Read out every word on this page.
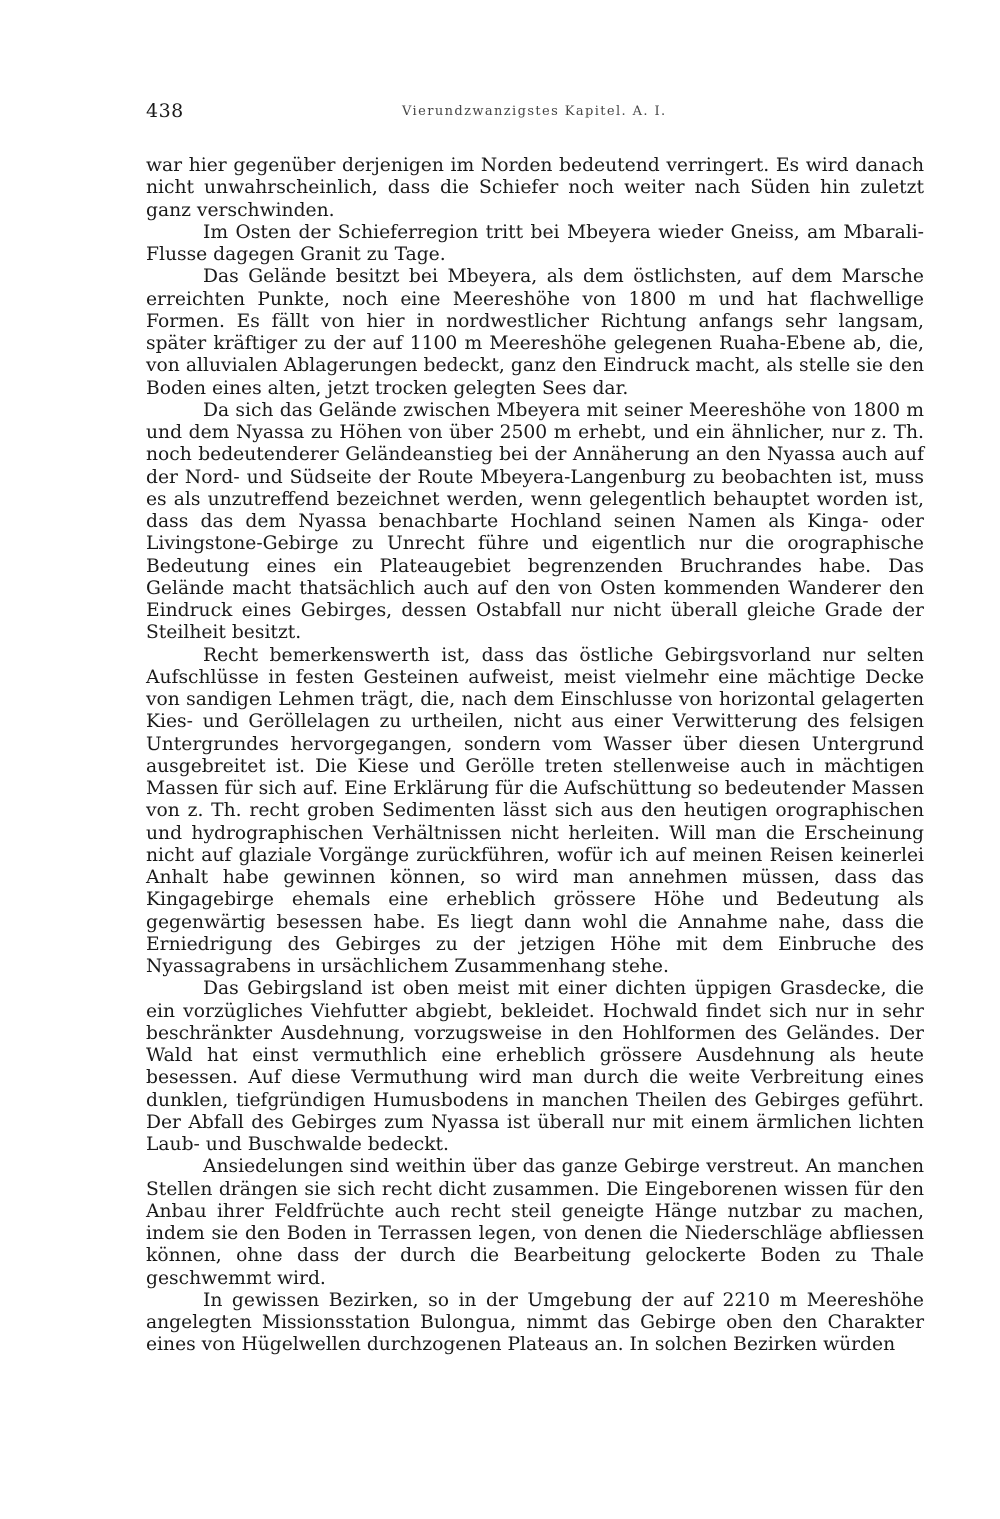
438	Vierundzwanzigstes Kapitel. A. I.

war hier gegenüber derjenigen im Norden bedeutend verringert. Es wird danach nicht unwahrscheinlich, dass die Schiefer noch weiter nach Süden hin zuletzt ganz verschwinden.

Im Osten der Schieferregion tritt bei Mbeyera wieder Gneiss, am Mbarali-Flusse dagegen Granit zu Tage.

Das Gelände besitzt bei Mbeyera, als dem östlichsten, auf dem Marsche erreichten Punkte, noch eine Meereshöhe von 1800 m und hat flachwellige Formen. Es fällt von hier in nordwestlicher Richtung anfangs sehr langsam, später kräftiger zu der auf 1100 m Meereshöhe gelegenen Ruaha-Ebene ab, die, von alluvialen Ablagerungen bedeckt, ganz den Eindruck macht, als stelle sie den Boden eines alten, jetzt trocken gelegten Sees dar.

Da sich das Gelände zwischen Mbeyera mit seiner Meereshöhe von 1800 m und dem Nyassa zu Höhen von über 2500 m erhebt, und ein ähnlicher, nur z. Th. noch bedeutenderer Geländeanstieg bei der Annäherung an den Nyassa auch auf der Nord- und Südseite der Route Mbeyera-Langenburg zu beobachten ist, muss es als unzutreffend bezeichnet werden, wenn gelegentlich behauptet worden ist, dass das dem Nyassa benachbarte Hochland seinen Namen als Kinga- oder Livingstone-Gebirge zu Unrecht führe und eigentlich nur die orographische Bedeutung eines ein Plateaugebiet begrenzenden Bruchrandes habe. Das Gelände macht thatsächlich auch auf den von Osten kommenden Wanderer den Eindruck eines Gebirges, dessen Ostabfall nur nicht überall gleiche Grade der Steilheit besitzt.

Recht bemerkenswerth ist, dass das östliche Gebirgsvorland nur selten Aufschlüsse in festen Gesteinen aufweist, meist vielmehr eine mächtige Decke von sandigen Lehmen trägt, die, nach dem Einschlusse von horizontal gelagerten Kies- und Geröllelagen zu urtheilen, nicht aus einer Verwitterung des felsigen Untergrundes hervorgegangen, sondern vom Wasser über diesen Untergrund ausgebreitet ist. Die Kiese und Gerölle treten stellenweise auch in mächtigen Massen für sich auf. Eine Erklärung für die Aufschüttung so bedeutender Massen von z. Th. recht groben Sedimenten lässt sich aus den heutigen orographischen und hydrographischen Verhältnissen nicht herleiten. Will man die Erscheinung nicht auf glaziale Vorgänge zurückführen, wofür ich auf meinen Reisen keinerlei Anhalt habe gewinnen können, so wird man annehmen müssen, dass das Kingagebirge ehemals eine erheblich grössere Höhe und Bedeutung als gegenwärtig besessen habe. Es liegt dann wohl die Annahme nahe, dass die Erniedrigung des Gebirges zu der jetzigen Höhe mit dem Einbruche des Nyassagrabens in ursächlichem Zusammenhang stehe.

Das Gebirgsland ist oben meist mit einer dichten üppigen Grasdecke, die ein vorzügliches Viehfutter abgiebt, bekleidet. Hochwald findet sich nur in sehr beschränkter Ausdehnung, vorzugsweise in den Hohlformen des Geländes. Der Wald hat einst vermuthlich eine erheblich grössere Ausdehnung als heute besessen. Auf diese Vermuthung wird man durch die weite Verbreitung eines dunklen, tiefgründigen Humusbodens in manchen Theilen des Gebirges geführt. Der Abfall des Gebirges zum Nyassa ist überall nur mit einem ärmlichen lichten Laub- und Buschwalde bedeckt.

Ansiedelungen sind weithin über das ganze Gebirge verstreut. An manchen Stellen drängen sie sich recht dicht zusammen. Die Eingeborenen wissen für den Anbau ihrer Feldfrüchte auch recht steil geneigte Hänge nutzbar zu machen, indem sie den Boden in Terrassen legen, von denen die Niederschläge abfliessen können, ohne dass der durch die Bearbeitung gelockerte Boden zu Thale geschwemmt wird.

In gewissen Bezirken, so in der Umgebung der auf 2210 m Meereshöhe angelegten Missionsstation Bulongua, nimmt das Gebirge oben den Charakter eines von Hügelwellen durchzogenen Plateaus an. In solchen Bezirken würden
